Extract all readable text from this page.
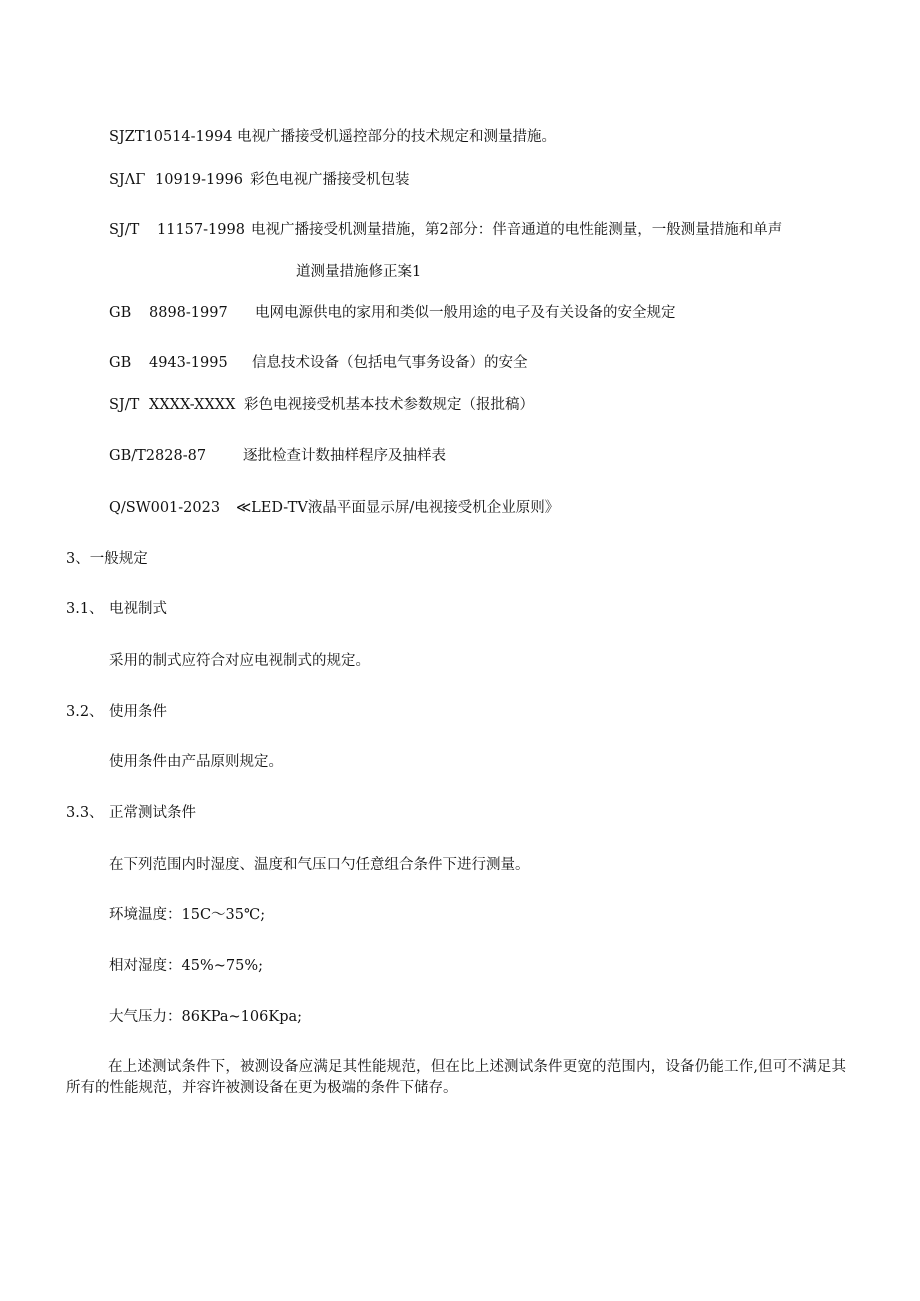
SJZT10514-1994 电视广播接受机遥控部分的技术规定和测量措施。
SJΛΓ 10919-1996 彩色电视广播接受机包装
SJ/T 11157-1998 电视广播接受机测量措施，第2部分：伴音通道的电性能测量，一般测量措施和单声
道测量措施修正案1
GB 8898-1997 电网电源供电的家用和类似一般用途的电子及有关设备的安全规定
GB 4943-1995 信息技术设备（包括电气事务设备）的安全
SJ/T XXXX-XXXX 彩色电视接受机基本技术参数规定（报批稿）
GB/T2828-87	逐批检查计数抽样程序及抽样表
Q/SW001-2023 ≪LED-TV液晶平面显示屏/电视接受机企业原则》
3、一般规定
3.1、 电视制式
采用的制式应符合对应电视制式的规定。
3.2、 使用条件
使用条件由产品原则规定。
3.3、 正常测试条件
在下列范围内时湿度、温度和气压口勺任意组合条件下进行测量。
环境温度：15C～35℃;
相对湿度：45%~75%;
大气压力：86KPa~106Kpa;
在上述测试条件下，被测设备应满足其性能规范，但在比上述测试条件更宽的范围内，设备仍能工作,但可不满足其所有的性能规范，并容许被测设备在更为极端的条件下储存。
